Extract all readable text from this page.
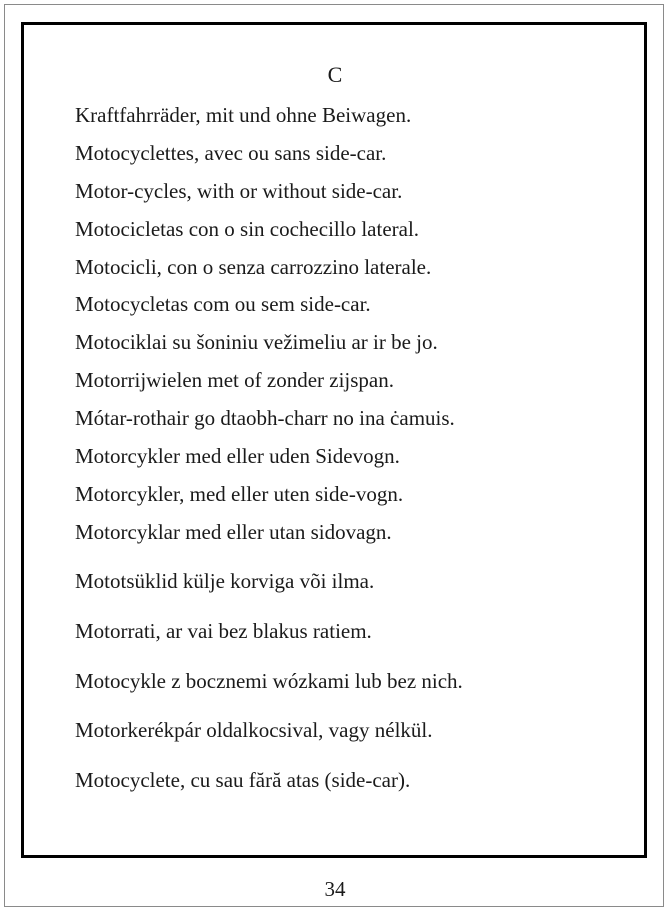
C
Kraftfahrräder, mit und ohne Beiwagen.
Motocyclettes, avec ou sans side-car.
Motor-cycles, with or without side-car.
Motocicletas con o sin cochecillo lateral.
Motocicli, con o senza carrozzino laterale.
Motocycletas com ou sem side-car.
Motociklai su šoniniu vežimeliu ar ir be jo.
Motorrijwielen met of zonder zijspan.
Mótar-rothair go dtaobh-charr no ina ċamuis.
Motorcykler med eller uden Sidevogn.
Motorcykler, med eller uten side-vogn.
Motorcyklar med eller utan sidovagn.
Mototsüklid külje korviga või ilma.
Motorrati, ar vai bez blakus ratiem.
Motocykle z bocznemi wózkami lub bez nich.
Motorkerékpár oldalkocsival, vagy nélkül.
Motocyclete, cu sau fără atas (side-car).
34
